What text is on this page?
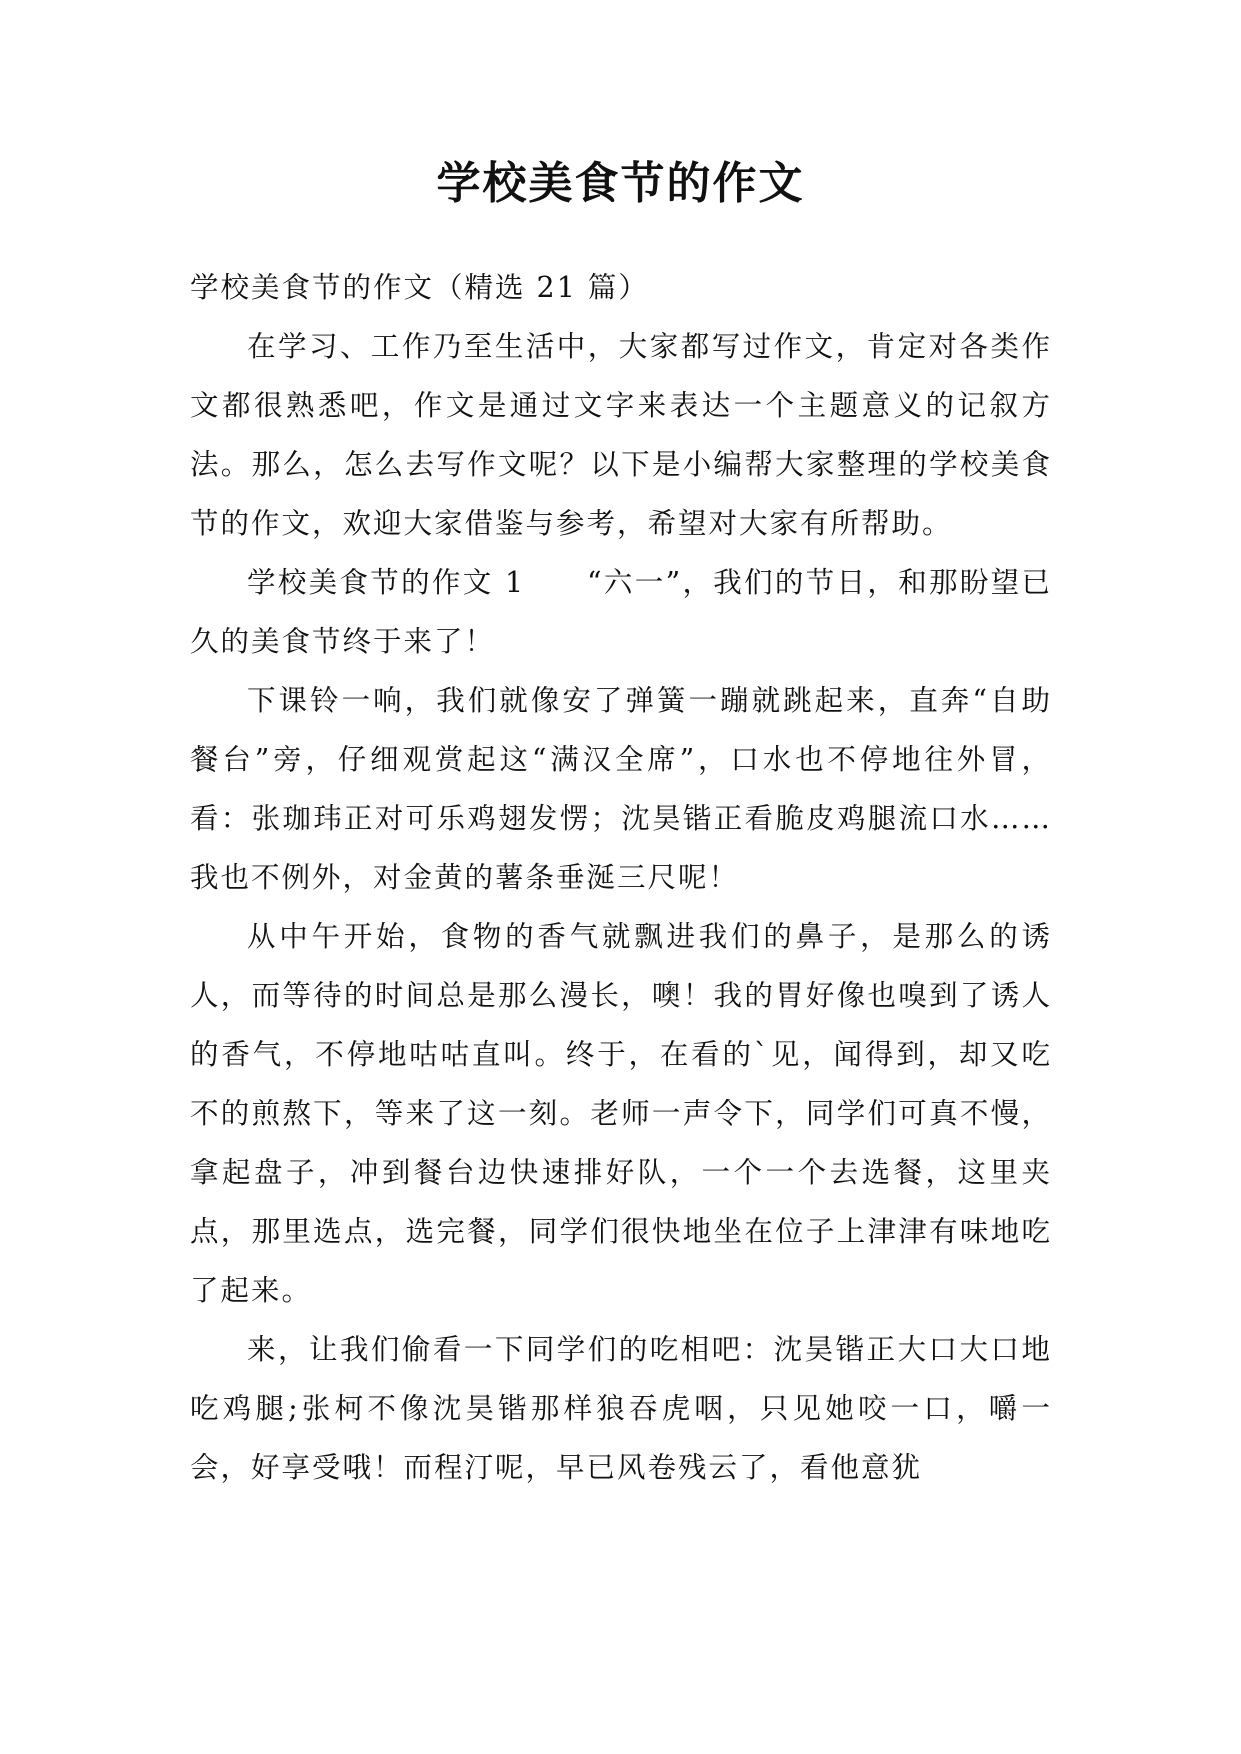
学校美食节的作文

学校美食节的作文（精选 21 篇）

在学习、工作乃至生活中，大家都写过作文，肯定对各类作文都很熟悉吧，作文是通过文字来表达一个主题意义的记叙方法。那么，怎么去写作文呢？以下是小编帮大家整理的学校美食节的作文，欢迎大家借鉴与参考，希望对大家有所帮助。

学校美食节的作文 1　　“六一”，我们的节日，和那盼望已久的美食节终于来了！

下课铃一响，我们就像安了弹簧一蹦就跳起来，直奔“自助餐台”旁，仔细观赏起这“满汉全席”，口水也不停地往外冒，看：张珈玮正对可乐鸡翅发愣；沈昊锴正看脆皮鸡腿流口水……我也不例外，对金黄的薯条垂涎三尺呢！

从中午开始，食物的香气就飘进我们的鼻子，是那么的诱人，而等待的时间总是那么漫长，噢！我的胃好像也嗅到了诱人的香气，不停地咕咕直叫。终于，在看的`见，闻得到，却又吃不的煎熬下，等来了这一刻。老师一声令下，同学们可真不慢，拿起盘子，冲到餐台边快速排好队，一个一个去选餐，这里夹点，那里选点，选完餐，同学们很快地坐在位子上津津有味地吃了起来。

来，让我们偷看一下同学们的吃相吧：沈昊锴正大口大口地吃鸡腿;张柯不像沈昊锴那样狼吞虎咽，只见她咬一口，嚼一会，好享受哦！而程汀呢，早已风卷残云了，看他意犹
